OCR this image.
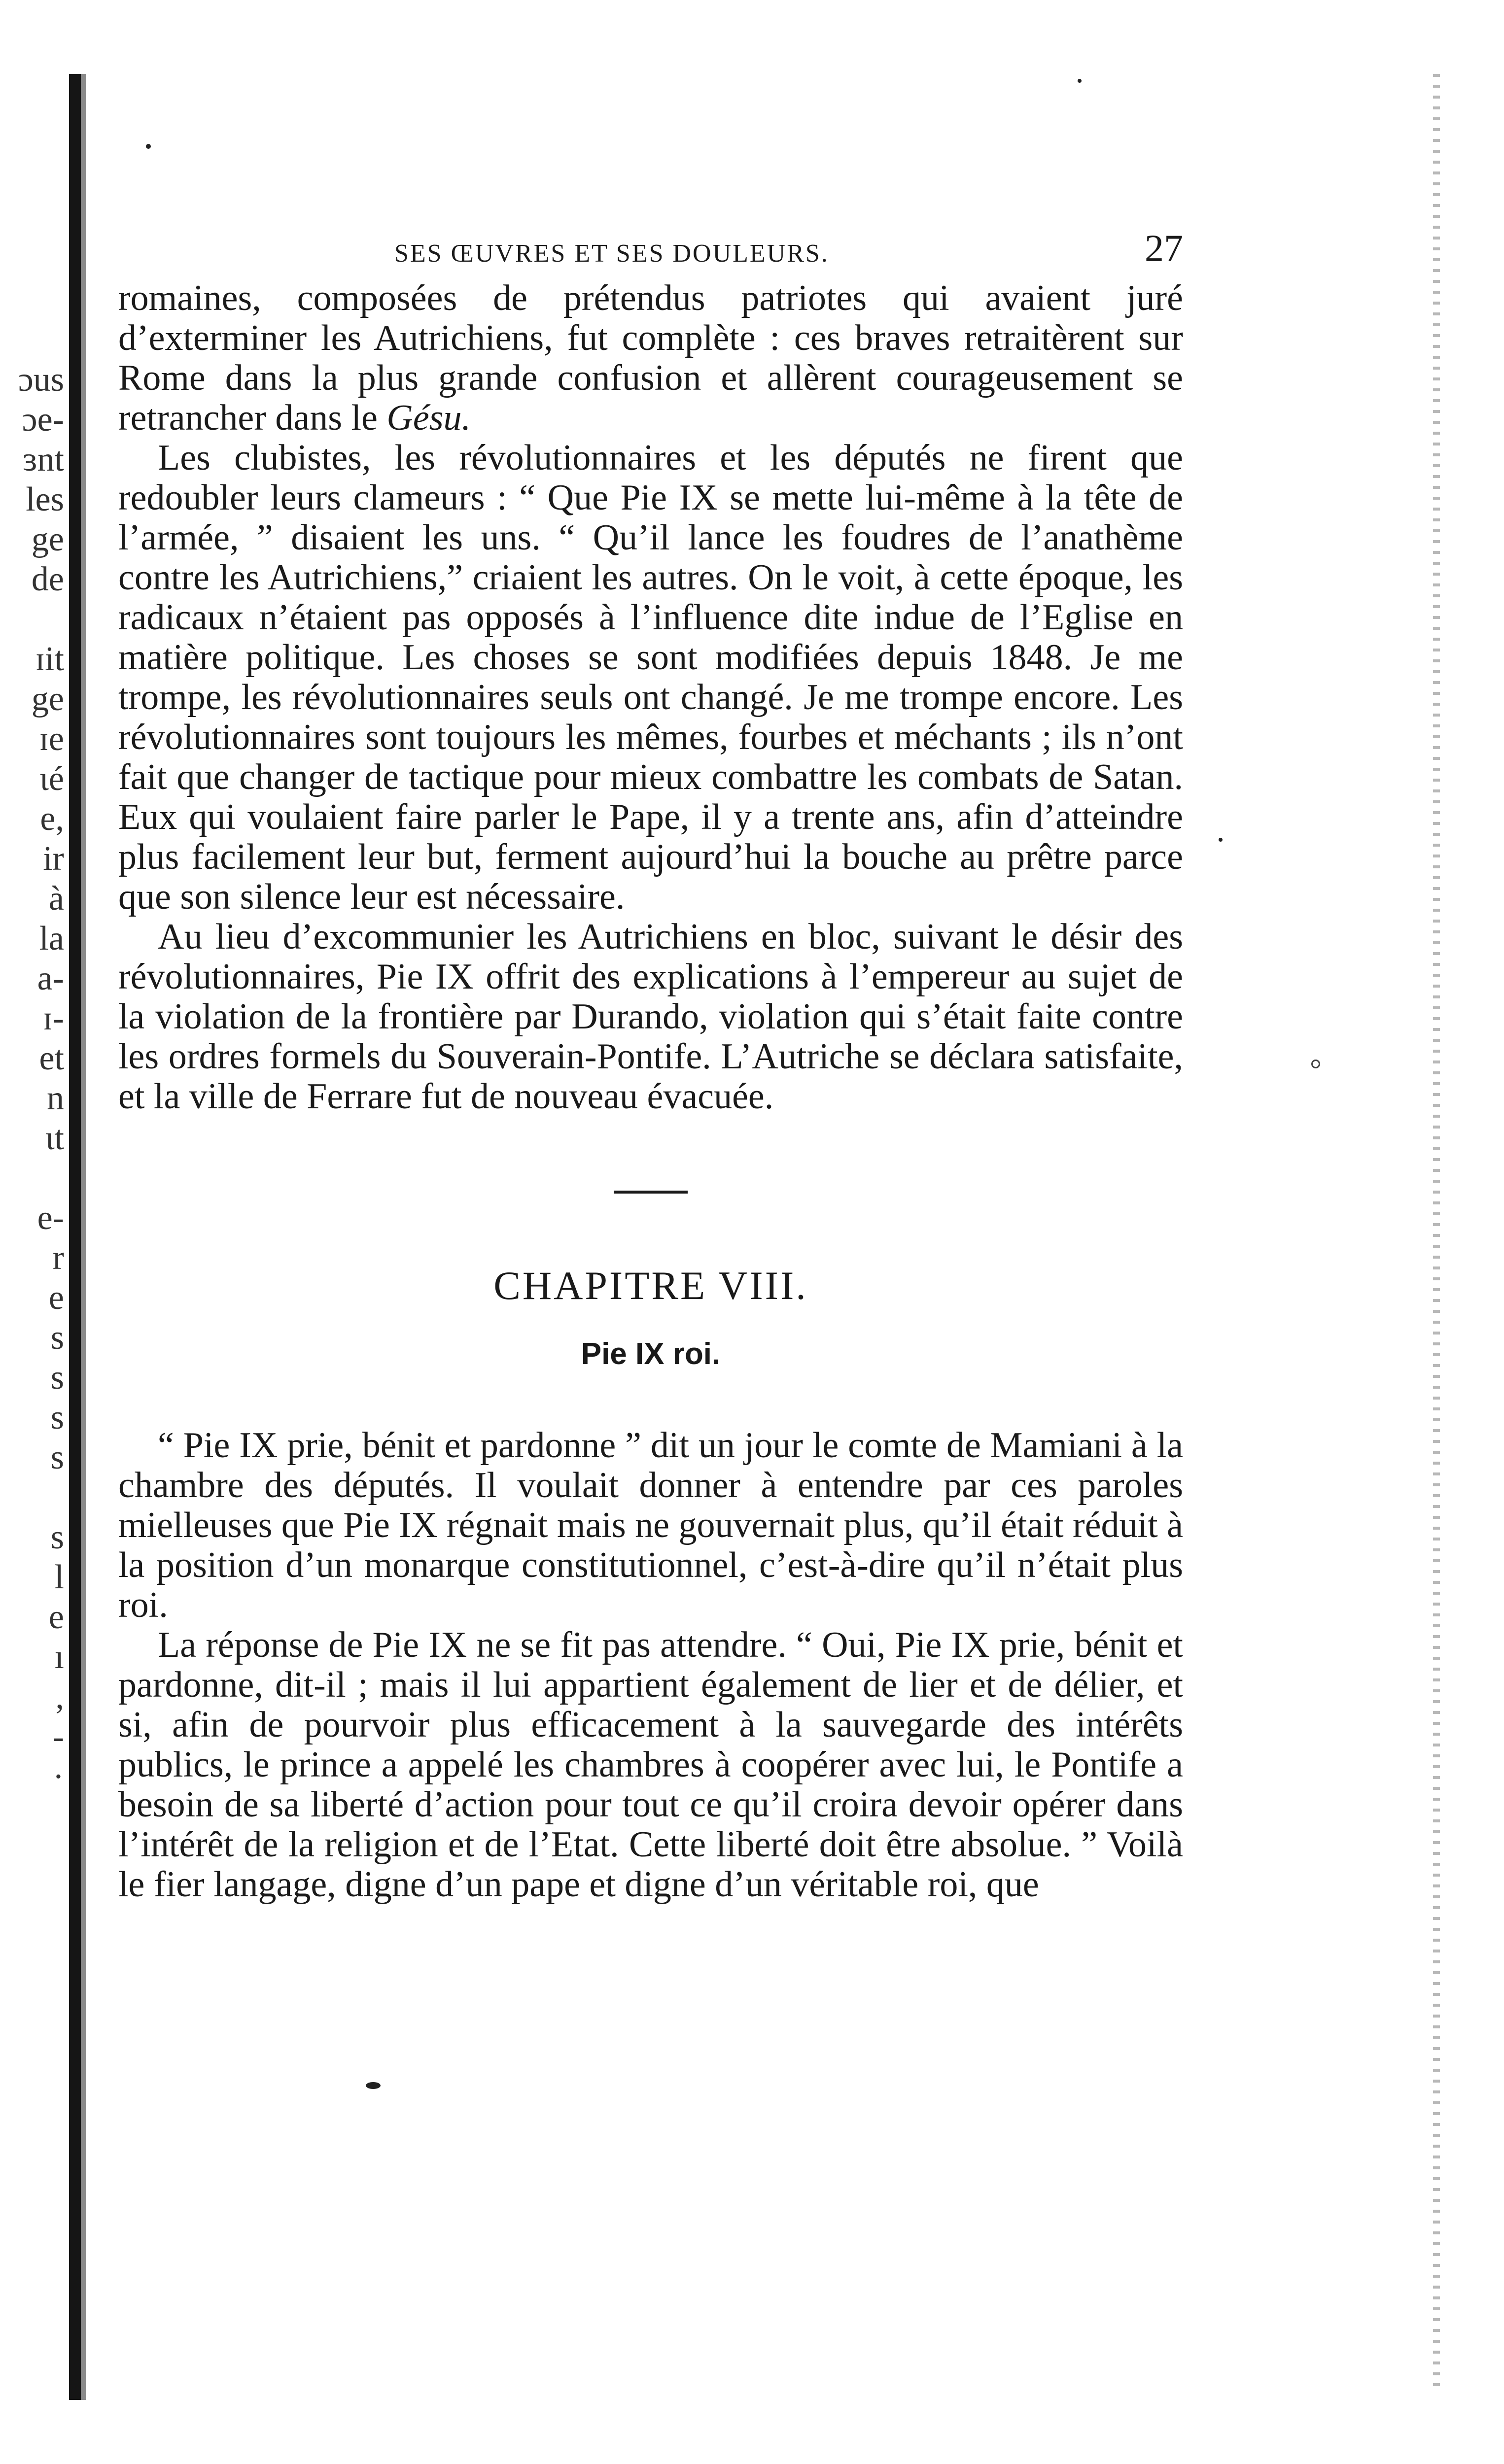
ɔus
ɔe-
ɜnt
les
ge
de
ɪit
ge
ɪe
ɩé
e,
ir
à
la
a-
ɪ-
et
n
ɩt
e-
r
e
s
s
s
s
s
l
e
ı
,
-
·
SES ŒUVRES ET SES DOULEURS.	27

romaines, composées de prétendus patriotes qui avaient juré d’exterminer les Autrichiens, fut complète : ces braves retraitèrent sur Rome dans la plus grande confusion et allèrent courageusement se retrancher dans le Gésu.

Les clubistes, les révolutionnaires et les députés ne firent que redoubler leurs clameurs : “ Que Pie IX se mette lui-même à la tête de l’armée, ” disaient les uns. “ Qu’il lance les foudres de l’anathème contre les Autrichiens,” criaient les autres. On le voit, à cette époque, les radicaux n’étaient pas opposés à l’influence dite indue de l’Eglise en matière politique. Les choses se sont modifiées depuis 1848. Je me trompe, les révolutionnaires seuls ont changé. Je me trompe encore. Les révolutionnaires sont toujours les mêmes, fourbes et méchants ; ils n’ont fait que changer de tactique pour mieux combattre les combats de Satan. Eux qui voulaient faire parler le Pape, il y a trente ans, afin d’atteindre plus facilement leur but, ferment aujourd’hui la bouche au prêtre parce que son silence leur est nécessaire.

Au lieu d’excommunier les Autrichiens en bloc, suivant le désir des révolutionnaires, Pie IX offrit des explications à l’empereur au sujet de la violation de la frontière par Durando, violation qui s’était faite contre les ordres formels du Souverain-Pontife. L’Autriche se déclara satisfaite, et la ville de Ferrare fut de nouveau évacuée.

CHAPITRE VIII.
Pie IX roi.

“ Pie IX prie, bénit et pardonne ” dit un jour le comte de Mamiani à la chambre des députés. Il voulait donner à entendre par ces paroles mielleuses que Pie IX régnait mais ne gouvernait plus, qu’il était réduit à la position d’un monarque constitutionnel, c’est-à-dire qu’il n’était plus roi.

La réponse de Pie IX ne se fit pas attendre. “ Oui, Pie IX prie, bénit et pardonne, dit-il ; mais il lui appartient également de lier et de délier, et si, afin de pourvoir plus efficacement à la sauvegarde des intérêts publics, le prince a appelé les chambres à coopérer avec lui, le Pontife a besoin de sa liberté d’action pour tout ce qu’il croira devoir opérer dans l’intérêt de la religion et de l’Etat. Cette liberté doit être absolue. ” Voilà le fier langage, digne d’un pape et digne d’un véritable roi, que
